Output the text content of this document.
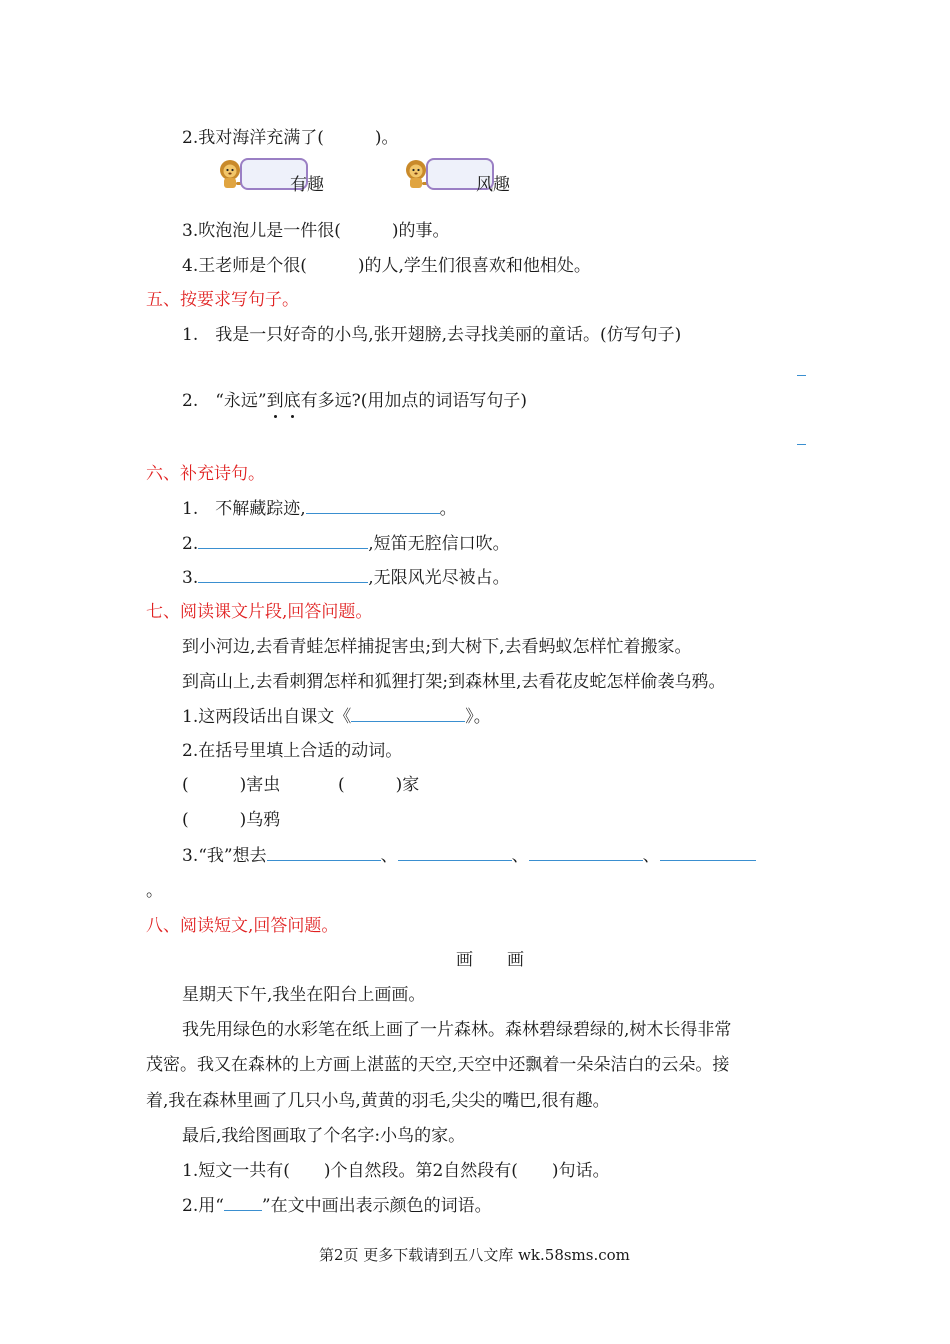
2.我对海洋充满了(　　　)。
有趣	风趣
3.吹泡泡儿是一件很(　　　)的事。
4.王老师是个很(　　　)的人,学生们很喜欢和他相处。
五、按要求写句子。
1.　我是一只好奇的小鸟,张开翅膀,去寻找美丽的童话。(仿写句子)
2.　“永远”到底有多远?(用加点的词语写句子)
六、补充诗句。
1.　不解藏踪迹,	。
2.	,短笛无腔信口吹。
3.	,无限风光尽被占。
七、阅读课文片段,回答问题。
到小河边,去看青蛙怎样捕捉害虫;到大树下,去看蚂蚁怎样忙着搬家。
到高山上,去看刺猬怎样和狐狸打架;到森林里,去看花皮蛇怎样偷袭乌鸦。
1.这两段话出自课文《	》。
2.在括号里填上合适的动词。
(　　　)害虫	(　　　)家
(　　　)乌鸦
3.“我”想去	、	、	、
。
八、阅读短文,回答问题。
画　　画
星期天下午,我坐在阳台上画画。
我先用绿色的水彩笔在纸上画了一片森林。森林碧绿碧绿的,树木长得非常
茂密。我又在森林的上方画上湛蓝的天空,天空中还飘着一朵朵洁白的云朵。接
着,我在森林里画了几只小鸟,黄黄的羽毛,尖尖的嘴巴,很有趣。
最后,我给图画取了个名字:小鸟的家。
1.短文一共有(　　)个自然段。第2自然段有(　　)句话。
2.用“ ”在文中画出表示颜色的词语。
第2页 更多下载请到五八文库 wk.58sms.com
